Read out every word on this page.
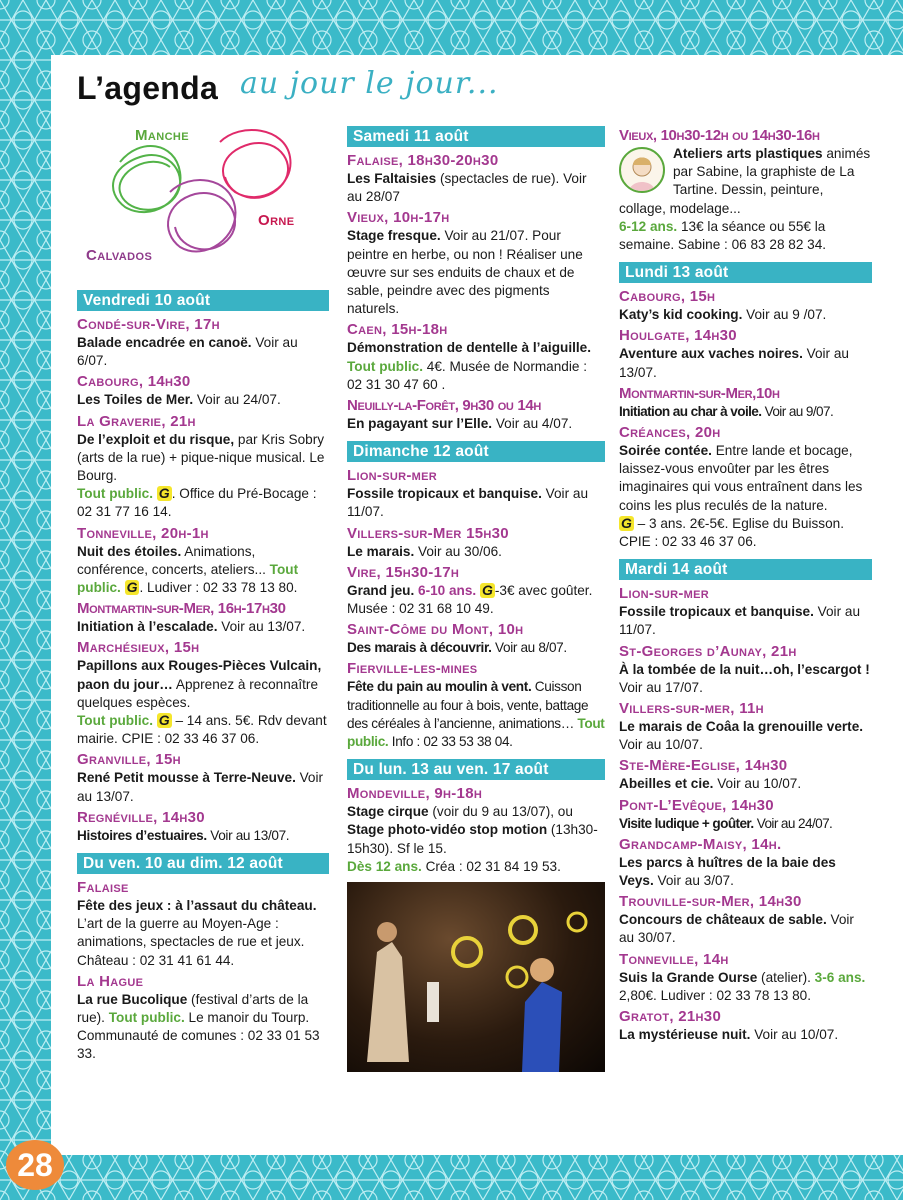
L’agenda au jour le jour...
Manche
Orne
Calvados
Vendredi 10 août
Condé-sur-Vire, 17h

Balade encadrée en canoë. Voir au 6/07.

Cabourg, 14h30

Les Toiles de Mer. Voir au 24/07.

La Graverie, 21h

De l’exploit et du risque, par Kris Sobry (arts de la rue) + pique-nique musical. Le Bourg.
Tout public. G . Office du Pré-Bocage : 02 31 77 16 14.

Tonneville, 20h-1h

Nuit des étoiles. Animations, conférence, concerts, ateliers... Tout public. G . Ludiver : 02 33 78 13 80.

Montmartin-sur-Mer, 16h-17h30

Initiation à l’escalade. Voir au 13/07.

Marchésieux, 15h

Papillons aux Rouges-Pièces Vulcain, paon du jour… Apprenez à reconnaître quelques espèces.
Tout public. G – 14 ans. 5€. Rdv devant mairie. CPIE : 02 33 46 37 06.

Granville, 15h

René Petit mousse à Terre-Neuve. Voir au 13/07.

Regnéville, 14h30

Histoires d’estuaires. Voir au 13/07.

Du ven. 10 au dim. 12 août
Falaise

Fête des jeux : à l’assaut du château. L’art de la guerre au Moyen-Age : animations, spectacles de rue et jeux. Château : 02 31 41 61 44.

La Hague

La rue Bucolique (festival d’arts de la rue). Tout public. Le manoir du Tourp. Communauté de comunes : 02 33 01 53 33.

Samedi 11 août
Falaise, 18h30-20h30

Les Faltaisies (spectacles de rue). Voir au 28/07

Vieux, 10h-17h

Stage fresque. Voir au 21/07. Pour peintre en herbe, ou non ! Réaliser une œuvre sur ses enduits de chaux et de sable, peindre avec des pigments naturels.

Caen, 15h-18h

Démonstration de dentelle à l’aiguille. Tout public. 4€. Musée de Normandie : 02 31 30 47 60 .

Neuilly-la-Forêt, 9h30 ou 14h

En pagayant sur l’Elle. Voir au 4/07.

Dimanche 12 août
Lion-sur-mer

Fossile tropicaux et banquise. Voir au 11/07.

Villers-sur-Mer 15h30

Le marais. Voir au 30/06.

Vire, 15h30-17h

Grand jeu. 6-10 ans. G -3€ avec goûter. Musée : 02 31 68 10 49.

Saint-Côme du Mont, 10h

Des marais à découvrir. Voir au 8/07.

Fierville-les-mines

Fête du pain au moulin à vent. Cuisson traditionnelle au four à bois, vente, battage des céréales à l’ancienne, animations… Tout public. Info : 02 33 53 38 04.

Du lun. 13 au ven. 17 août
Mondeville, 9h-18h

Stage cirque (voir du 9 au 13/07), ou Stage photo-vidéo stop motion (13h30-15h30). Sf le 15.
Dès 12 ans. Créa : 02 31 84 19 53.

Vieux, 10h30-12h ou 14h30-16h

Ateliers arts plastiques animés par Sabine, la graphiste de La Tartine. Dessin, peinture, collage, modelage...
6-12 ans. 13€ la séance ou 55€ la semaine. Sabine : 06 83 28 82 34.

Lundi 13 août
Cabourg, 15h

Katy’s kid cooking. Voir au 9 /07.

Houlgate, 14h30

Aventure aux vaches noires. Voir au 13/07.

Montmartin-sur-Mer,10h

Initiation au char à voile. Voir au 9/07.

Créances, 20h

Soirée contée. Entre lande et bocage, laissez-vous envoûter par les êtres imaginaires qui vous entraînent dans les coins les plus reculés de la nature.
G – 3 ans. 2€-5€. Eglise du Buisson. CPIE : 02 33 46 37 06.

Mardi 14 août
Lion-sur-mer

Fossile tropicaux et banquise. Voir au 11/07.

St-Georges d’Aunay, 21h

À la tombée de la nuit…oh, l’escargot ! Voir au 17/07.

Villers-sur-mer, 11h

Le marais de Coâa la grenouille verte. Voir au 10/07.

Ste-Mère-Eglise, 14h30

Abeilles et cie. Voir au 10/07.

Pont-L’Evêque, 14h30

Visite ludique + goûter. Voir au 24/07.

Grandcamp-Maisy, 14h.

Les parcs à huîtres de la baie des Veys. Voir au 3/07.

Trouville-sur-Mer, 14h30

Concours de châteaux de sable. Voir au 30/07.

Tonneville, 14h

Suis la Grande Ourse (atelier). 3-6 ans. 2,80€. Ludiver : 02 33 78 13 80.

Gratot, 21h30

La mystérieuse nuit. Voir au 10/07.

28
